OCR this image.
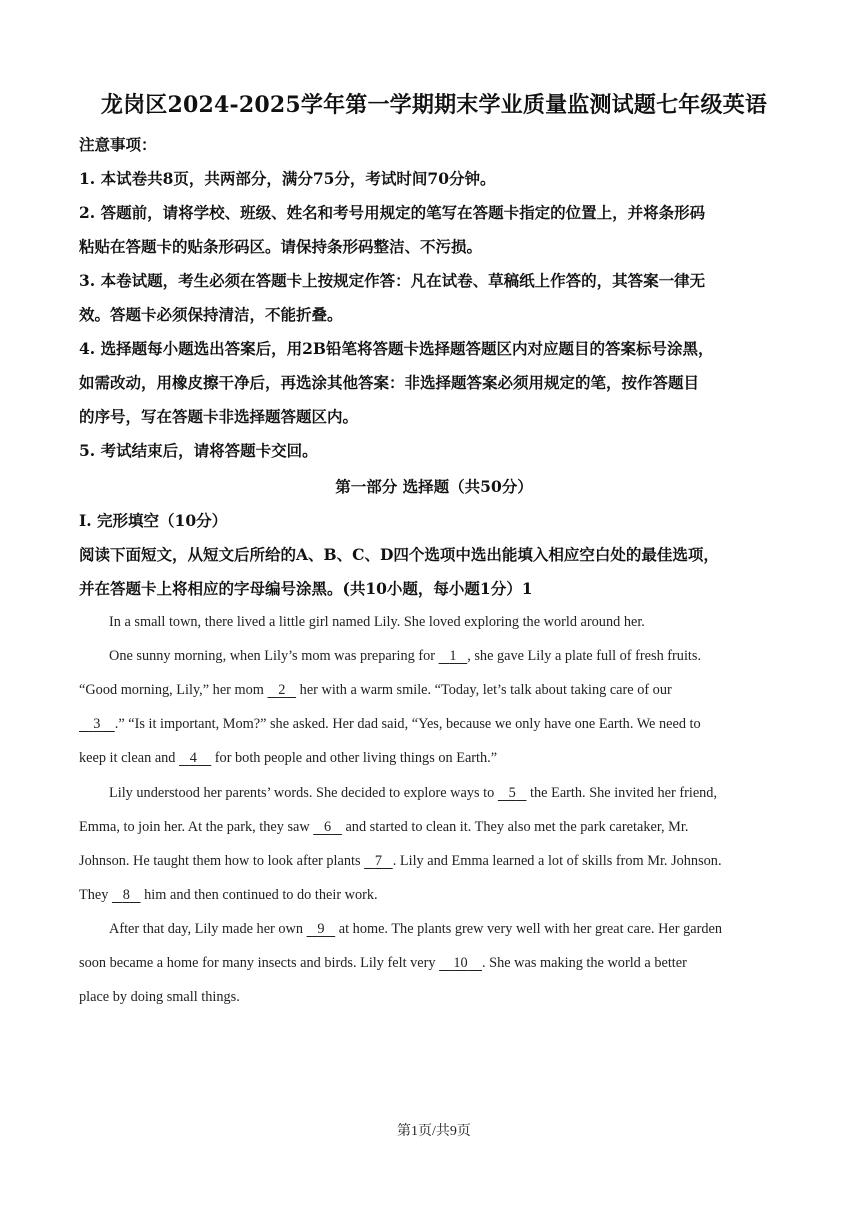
龙岗区2024-2025学年第一学期期末学业质量监测试题七年级英语
注意事项：
1. 本试卷共8页，共两部分，满分75分，考试时间70分钟。
2. 答题前，请将学校、班级、姓名和考号用规定的笔写在答题卡指定的位置上，并将条形码
粘贴在答题卡的贴条形码区。请保持条形码整洁、不污损。
3. 本卷试题，考生必须在答题卡上按规定作答：凡在试卷、草稿纸上作答的，其答案一律无
效。答题卡必须保持清洁，不能折叠。
4. 选择题每小题选出答案后，用2B铅笔将答题卡选择题答题区内对应题目的答案标号涂黑，
如需改动，用橡皮擦干净后，再选涂其他答案：非选择题答案必须用规定的笔，按作答题目
的序号，写在答题卡非选择题答题区内。
5. 考试结束后，请将答题卡交回。
第一部分 选择题（共50分）
I. 完形填空（10分）
阅读下面短文，从短文后所给的A、B、C、D四个选项中选出能填入相应空白处的最佳选项，
并在答题卡上将相应的字母编号涂黑。(共10小题，每小题1分）1
In a small town, there lived a little girl named Lily. She loved exploring the world around her.
One sunny morning, when Lily’s mom was preparing for    1 , she gave Lily a plate full of fresh fruits.
“Good morning, Lily,” her mom    2    her with a warm smile. “Today, let’s talk about taking care of our
3 .” “Is it important, Mom?” she asked. Her dad said, “Yes, because we only have one Earth. We need to
keep it clean and    4     for both people and other living things on Earth.”
Lily understood her parents’ words. She decided to explore ways to    5    the Earth. She invited her friend,
Emma, to join her. At the park, they saw    6    and started to clean it. They also met the park caretaker, Mr.
Johnson. He taught them how to look after plants    7 . Lily and Emma learned a lot of skills from Mr. Johnson.
They    8    him and then continued to do their work.
After that day, Lily made her own    9    at home. The plants grew very well with her great care. Her garden
soon became a home for many insects and birds. Lily felt very     10 . She was making the world a better
place by doing small things.
第1页/共9页
